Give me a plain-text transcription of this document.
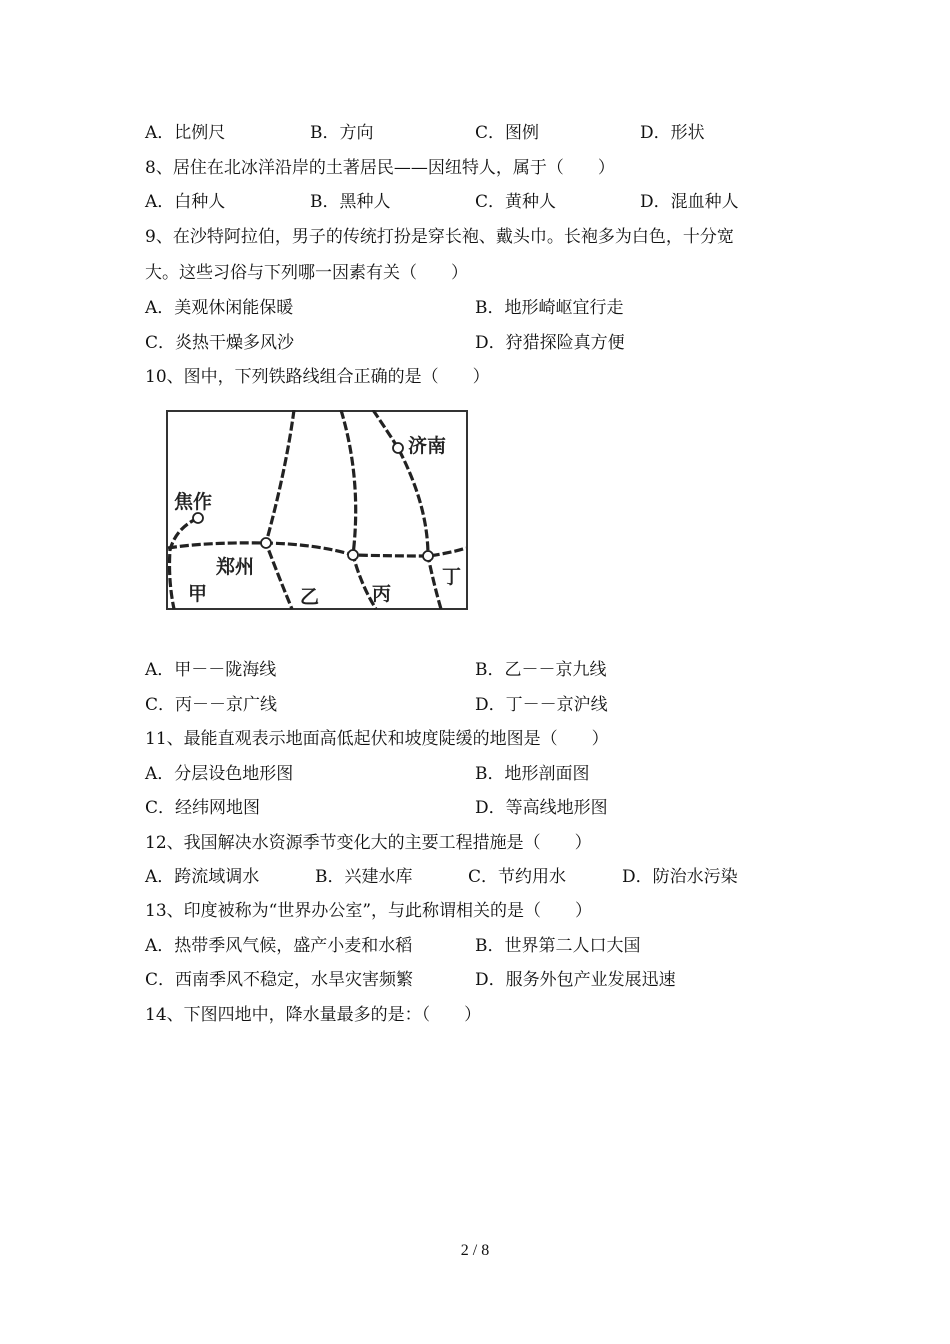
A．比例尺	B．方向	C．图例	D．形状
8、居住在北冰洋沿岸的土著居民——因纽特人，属于（　　）
A．白种人	B．黑种人	C．黄种人	D．混血种人
9、在沙特阿拉伯，男子的传统打扮是穿长袍、戴头巾。长袍多为白色，十分宽
大。这些习俗与下列哪一因素有关（　　）
A．美观休闲能保暖	B．地形崎岖宜行走
C．炎热干燥多风沙	D．狩猎探险真方便
10、图中，下列铁路线组合正确的是（　　）
济南
焦作
郑州
甲	乙	丙
丁
A．甲－－陇海线	B．乙－－京九线
C．丙－－京广线	D．丁－－京沪线
11、最能直观表示地面高低起伏和坡度陡缓的地图是（　　）
A．分层设色地形图	B．地形剖面图
C．经纬网地图	D．等高线地形图
12、我国解决水资源季节变化大的主要工程措施是（　　）
A．跨流域调水	B．兴建水库	C．节约用水	D．防治水污染
13、印度被称为“世界办公室”，与此称谓相关的是（　　）
A．热带季风气候，盛产小麦和水稻	B．世界第二人口大国
C．西南季风不稳定，水旱灾害频繁	D．服务外包产业发展迅速
14、下图四地中，降水量最多的是：（　　）
2 / 8
